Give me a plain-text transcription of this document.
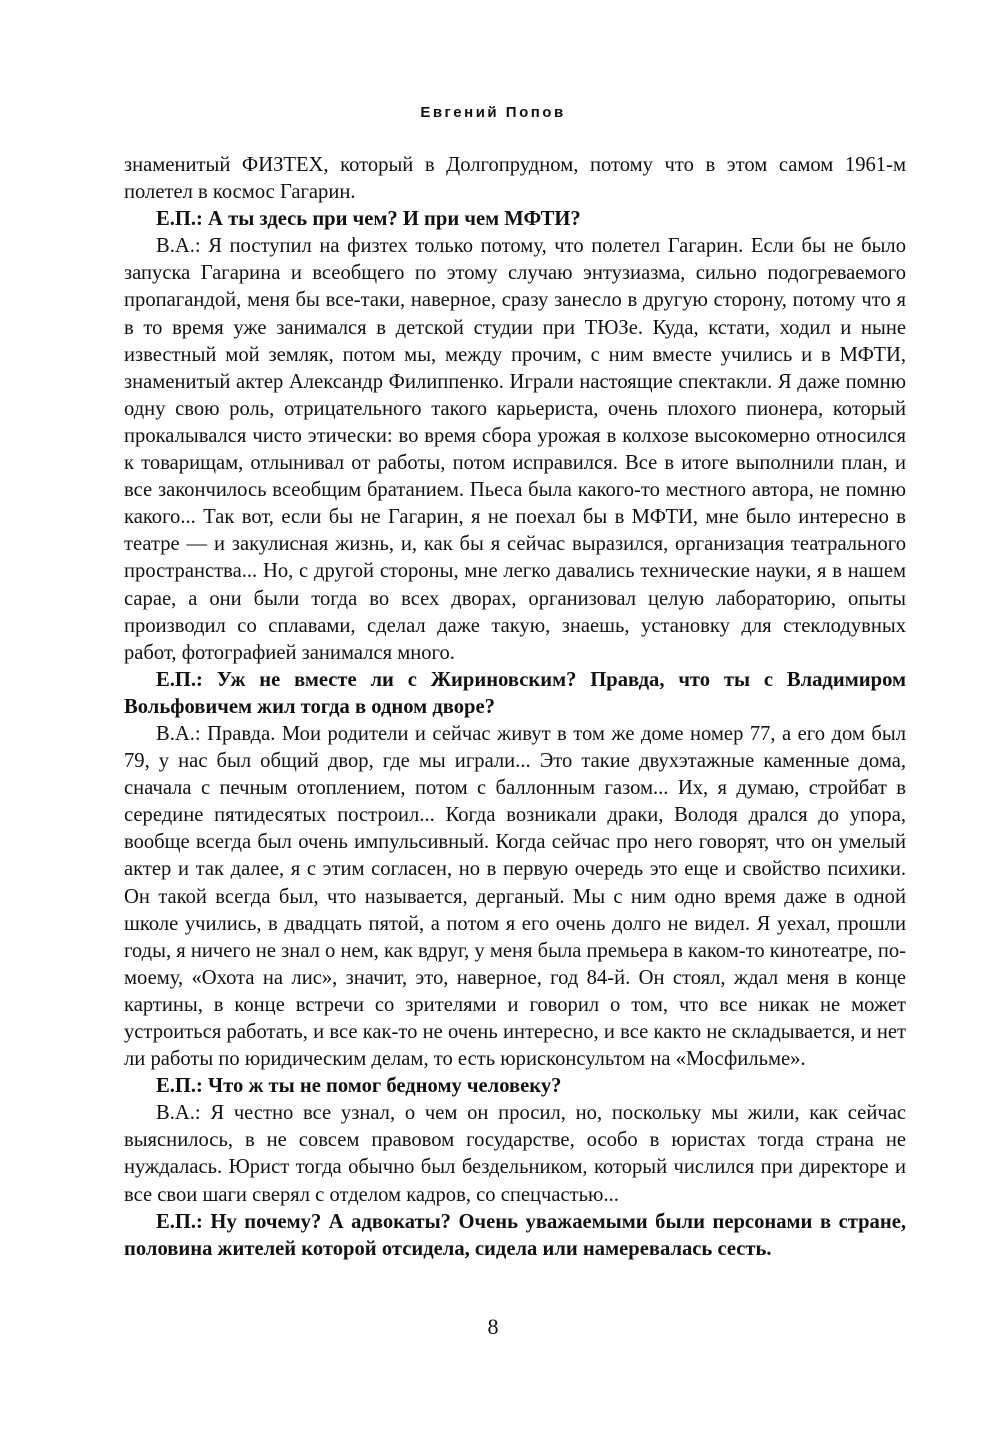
Евгений Попов

знаменитый ФИЗТЕХ, который в Долгопрудном, потому что в этом самом 1961-м полетел в космос Гагарин.

Е.П.: А ты здесь при чем? И при чем МФТИ?

В.А.: Я поступил на физтех только потому, что полетел Гагарин. Если бы не было запуска Гагарина и всеобщего по этому случаю энтузиазма, сильно подогреваемого пропагандой, меня бы все-таки, наверное, сразу занесло в другую сторону, потому что я в то время уже занимался в детской студии при ТЮЗе. Куда, кстати, ходил и ныне известный мой земляк, потом мы, между прочим, с ним вместе учились и в МФТИ, знаменитый актер Александр Филиппенко. Играли настоящие спектакли. Я даже помню одну свою роль, отрицательного такого карьериста, очень плохого пионера, который прокалывался чисто этически: во время сбора урожая в колхозе высокомерно относился к товарищам, отлынивал от работы, потом исправился. Все в итоге выполнили план, и все закончилось всеобщим братанием. Пьеса была какого-то местного автора, не помню какого... Так вот, если бы не Гагарин, я не поехал бы в МФТИ, мне было интересно в театре — и закулисная жизнь, и, как бы я сейчас выразился, организация театрального пространства... Но, с другой стороны, мне легко давались технические науки, я в нашем сарае, а они были тогда во всех дворах, организовал целую лабораторию, опыты производил со сплавами, сделал даже такую, знаешь, установку для стеклодувных работ, фотографией занимался много.

Е.П.: Уж не вместе ли с Жириновским? Правда, что ты с Владимиром Вольфовичем жил тогда в одном дворе?

В.А.: Правда. Мои родители и сейчас живут в том же доме номер 77, а его дом был 79, у нас был общий двор, где мы играли... Это такие двухэтажные каменные дома, сначала с печным отоплением, потом с баллонным газом... Их, я думаю, стройбат в середине пятидесятых построил... Когда возникали драки, Володя дрался до упора, вообще всегда был очень импульсивный. Когда сейчас про него говорят, что он умелый актер и так далее, я с этим согласен, но в первую очередь это еще и свойство психики. Он такой всегда был, что называется, дерганый. Мы с ним одно время даже в одной школе учились, в двадцать пятой, а потом я его очень долго не видел. Я уехал, прошли годы, я ничего не знал о нем, как вдруг, у меня была премьера в каком-то кинотеатре, по-моему, «Охота на лис», значит, это, наверное, год 84-й. Он стоял, ждал меня в конце картины, в конце встречи со зрителями и говорил о том, что все никак не может устроиться работать, и все как-то не очень интересно, и все както не складывается, и нет ли работы по юридическим делам, то есть юрисконсультом на «Мосфильме».

Е.П.: Что ж ты не помог бедному человеку?

В.А.: Я честно все узнал, о чем он просил, но, поскольку мы жили, как сейчас выяснилось, в не совсем правовом государстве, особо в юристах тогда страна не нуждалась. Юрист тогда обычно был бездельником, который числился при директоре и все свои шаги сверял с отделом кадров, со спецчастью...

Е.П.: Ну почему? А адвокаты? Очень уважаемыми были персонами в стране, половина жителей которой отсидела, сидела или намеревалась сесть.

8
